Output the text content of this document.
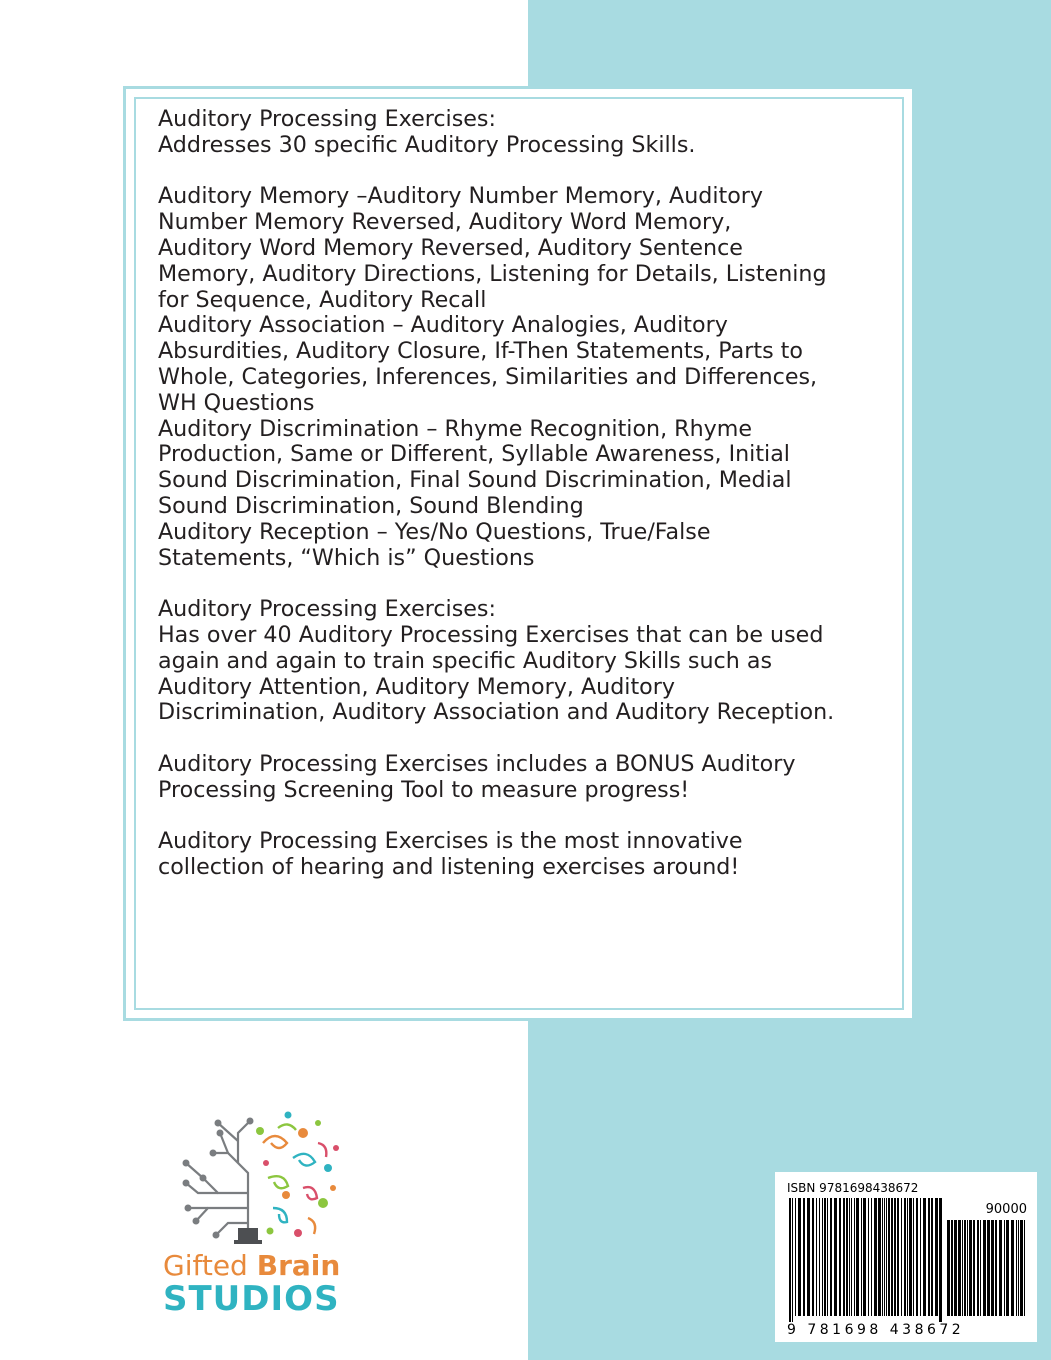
Auditory Processing Exercises:
Addresses 30 specific Auditory Processing Skills.
Auditory Memory –Auditory Number Memory, Auditory
Number Memory Reversed, Auditory Word Memory,
Auditory Word Memory Reversed, Auditory Sentence
Memory, Auditory Directions, Listening for Details, Listening
for Sequence, Auditory Recall
Auditory Association – Auditory Analogies, Auditory
Absurdities, Auditory Closure, If-Then Statements, Parts to
Whole, Categories, Inferences, Similarities and Differences,
WH Questions
Auditory Discrimination – Rhyme Recognition, Rhyme
Production, Same or Different, Syllable Awareness, Initial
Sound Discrimination, Final Sound Discrimination, Medial
Sound Discrimination, Sound Blending
Auditory Reception – Yes/No Questions, True/False
Statements, “Which is” Questions
Auditory Processing Exercises:
Has over 40 Auditory Processing Exercises that can be used
again and again to train specific Auditory Skills such as
Auditory Attention, Auditory Memory, Auditory
Discrimination, Auditory Association and Auditory Reception.
Auditory Processing Exercises includes a BONUS Auditory
Processing Screening Tool to measure progress!
Auditory Processing Exercises is the most innovative
collection of hearing and listening exercises around!
Gifted Brain
STUDIOS
ISBN 9781698438672
90000
9 781698 438672
